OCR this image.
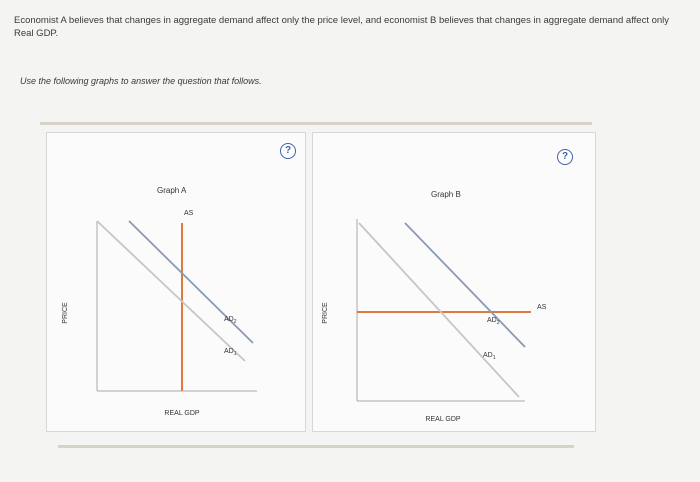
Economist A believes that changes in aggregate demand affect only the price level, and economist B believes that changes in aggregate demand affect only Real GDP.
Use the following graphs to answer the question that follows.
?
Graph A
PRICE
AS
$AD_2$
$AD_1$
REAL GDP
?
Graph B
PRICE	AS
$AD_2$
$AD_1$
REAL GDP
